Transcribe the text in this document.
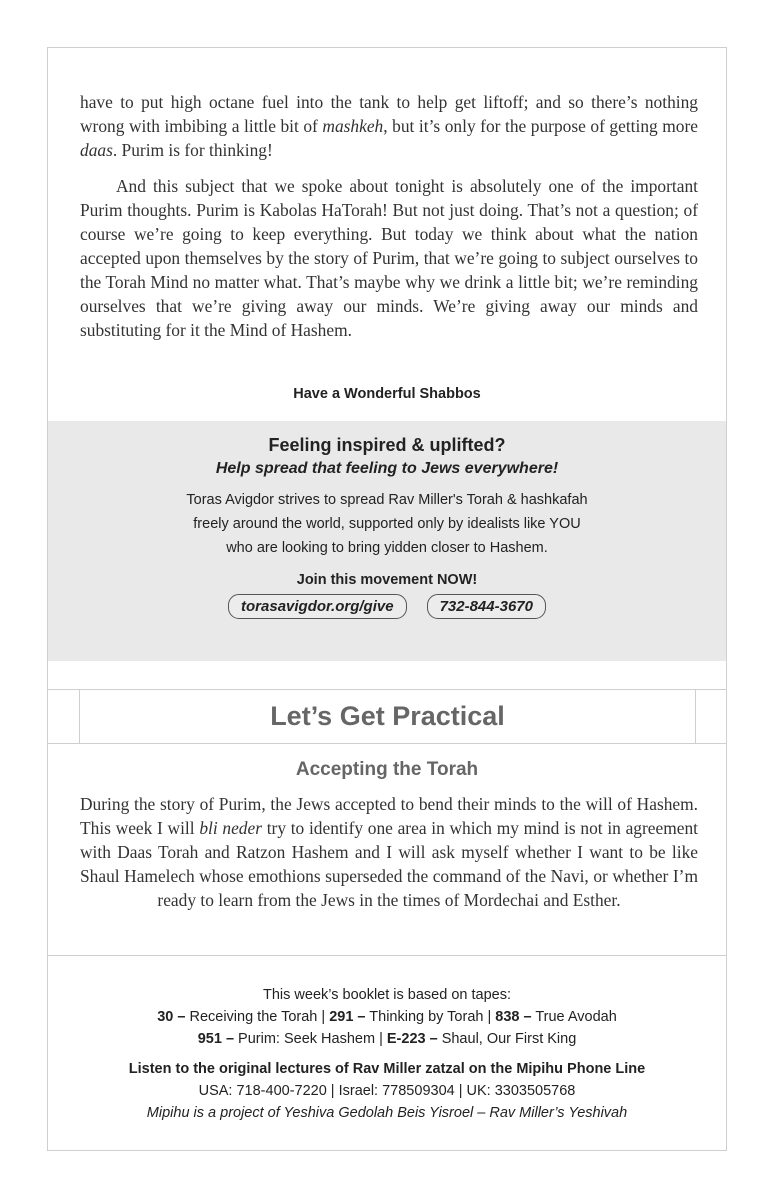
have to put high octane fuel into the tank to help get liftoff; and so there’s nothing wrong with imbibing a little bit of mashkeh, but it’s only for the purpose of getting more daas. Purim is for thinking!

And this subject that we spoke about tonight is absolutely one of the important Purim thoughts. Purim is Kabolas HaTorah! But not just doing. That’s not a question; of course we’re going to keep everything. But today we think about what the nation accepted upon themselves by the story of Purim, that we’re going to subject ourselves to the Torah Mind no matter what. That’s maybe why we drink a little bit; we’re reminding ourselves that we’re giving away our minds. We’re giving away our minds and substituting for it the Mind of Hashem.

Have a Wonderful Shabbos
Feeling inspired & uplifted?
Help spread that feeling to Jews everywhere!
Toras Avigdor strives to spread Rav Miller's Torah & hashkafah
freely around the world, supported only by idealists like YOU
who are looking to bring yidden closer to Hashem.
Join this movement NOW!
torasavigdor.org/give	732-844-3670
Let’s Get Practical
Accepting the Torah

During the story of Purim, the Jews accepted to bend their minds to the will of Hashem. This week I will bli neder try to identify one area in which my mind is not in agreement with Daas Torah and Ratzon Hashem and I will ask myself whether I want to be like Shaul Hamelech whose emothions superseded the command of the Navi, or whether I’m ready to learn from the Jews in the times of Mordechai and Esther.

This week’s booklet is based on tapes:
30 – Receiving the Torah | 291 – Thinking by Torah | 838 – True Avodah
951 – Purim: Seek Hashem | E-223 – Shaul, Our First King
Listen to the original lectures of Rav Miller zatzal on the Mipihu Phone Line
USA: 718-400-7220 | Israel: 778509304 | UK: 3303505768
Mipihu is a project of Yeshiva Gedolah Beis Yisroel – Rav Miller’s Yeshivah
